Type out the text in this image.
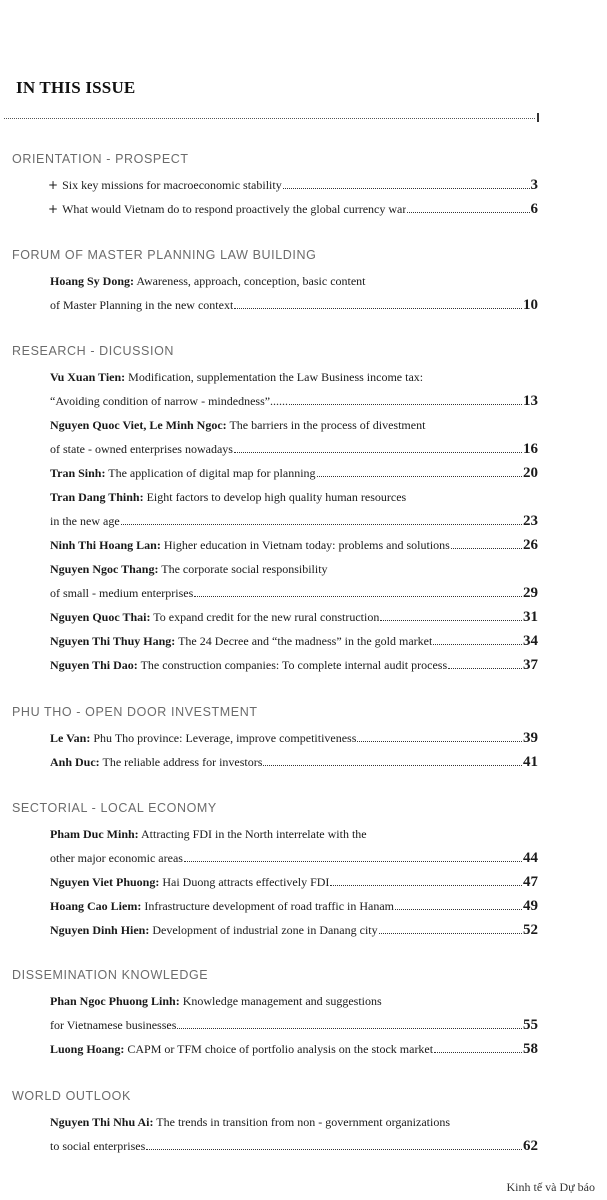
IN THIS ISSUE
ORIENTATION - PROSPECT
+ Six key missions for macroeconomic stability	3
+ What would Vietnam do to respond proactively the global currency war	6
FORUM OF MASTER PLANNING LAW BUILDING
Hoang Sy Dong: Awareness, approach, conception, basic content
of Master Planning in the new context	10
RESEARCH - DICUSSION
Vu Xuan Tien: Modification, supplementation the Law Business income tax:
“Avoiding condition of narrow - mindedness”......	13
Nguyen Quoc Viet, Le Minh Ngoc: The barriers in the process of divestment
of state - owned enterprises nowadays	16
Tran Sinh: The application of digital map for planning	20
Tran Dang Thinh: Eight factors to develop high quality human resources
in the new age	23
Ninh Thi Hoang Lan: Higher education in Vietnam today: problems and solutions	26
Nguyen Ngoc Thang: The corporate social responsibility
of small - medium enterprises	29
Nguyen Quoc Thai: To expand credit for the new rural construction	31
Nguyen Thi Thuy Hang: The 24 Decree and “the madness” in the gold market	34
Nguyen Thi Dao: The construction companies: To complete internal audit process	37
PHU THO - OPEN DOOR INVESTMENT
Le Van: Phu Tho province: Leverage, improve competitiveness	39
Anh Duc: The reliable address for investors	41
SECTORIAL - LOCAL ECONOMY
Pham Duc Minh: Attracting FDI in the North interrelate with the
other major economic areas	44
Nguyen Viet Phuong: Hai Duong attracts effectively FDI	47
Hoang Cao Liem: Infrastructure development of road traffic in Hanam	49
Nguyen Dinh Hien: Development of industrial zone in Danang city	52
DISSEMINATION KNOWLEDGE
Phan Ngoc Phuong Linh: Knowledge management and suggestions
for Vietnamese businesses	55
Luong Hoang: CAPM or TFM choice of portfolio analysis on the stock market	58
WORLD OUTLOOK
Nguyen Thi Nhu Ai: The trends in transition from non - government organizations
to social enterprises	62
Kinh tế và Dự báo
